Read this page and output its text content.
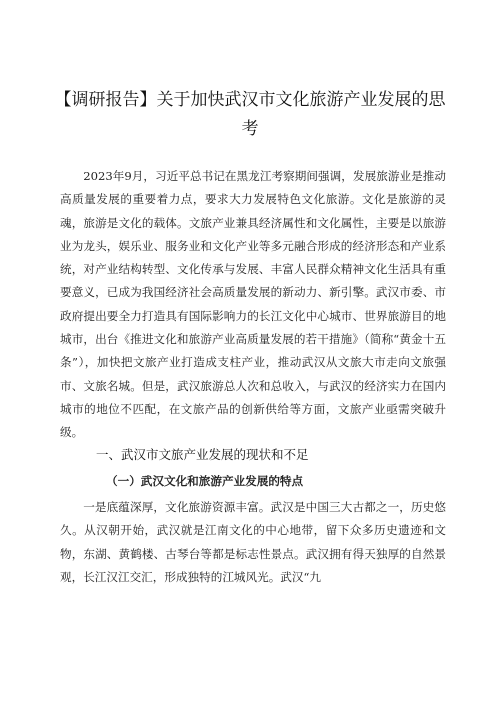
【调研报告】关于加快武汉市文化旅游产业发展的思考

2023年9月，习近平总书记在黑龙江考察期间强调，发展旅游业是推动高质量发展的重要着力点，要求大力发展特色文化旅游。文化是旅游的灵魂，旅游是文化的载体。文旅产业兼具经济属性和文化属性，主要是以旅游业为龙头，娱乐业、服务业和文化产业等多元融合形成的经济形态和产业系统，对产业结构转型、文化传承与发展、丰富人民群众精神文化生活具有重要意义，已成为我国经济社会高质量发展的新动力、新引擎。武汉市委、市政府提出要全力打造具有国际影响力的长江文化中心城市、世界旅游目的地城市，出台《推进文化和旅游产业高质量发展的若干措施》（简称“黄金十五条”），加快把文旅产业打造成支柱产业，推动武汉从文旅大市走向文旅强市、文旅名城。但是，武汉旅游总人次和总收入，与武汉的经济实力在国内城市的地位不匹配，在文旅产品的创新供给等方面，文旅产业亟需突破升级。

一、武汉市文旅产业发展的现状和不足
（一）武汉文化和旅游产业发展的特点

一是底蕴深厚，文化旅游资源丰富。武汉是中国三大古都之一，历史悠久。从汉朝开始，武汉就是江南文化的中心地带，留下众多历史遗迹和文物，东湖、黄鹤楼、古琴台等都是标志性景点。武汉拥有得天独厚的自然景观，长江汉江交汇，形成独特的江城风光。武汉“九
